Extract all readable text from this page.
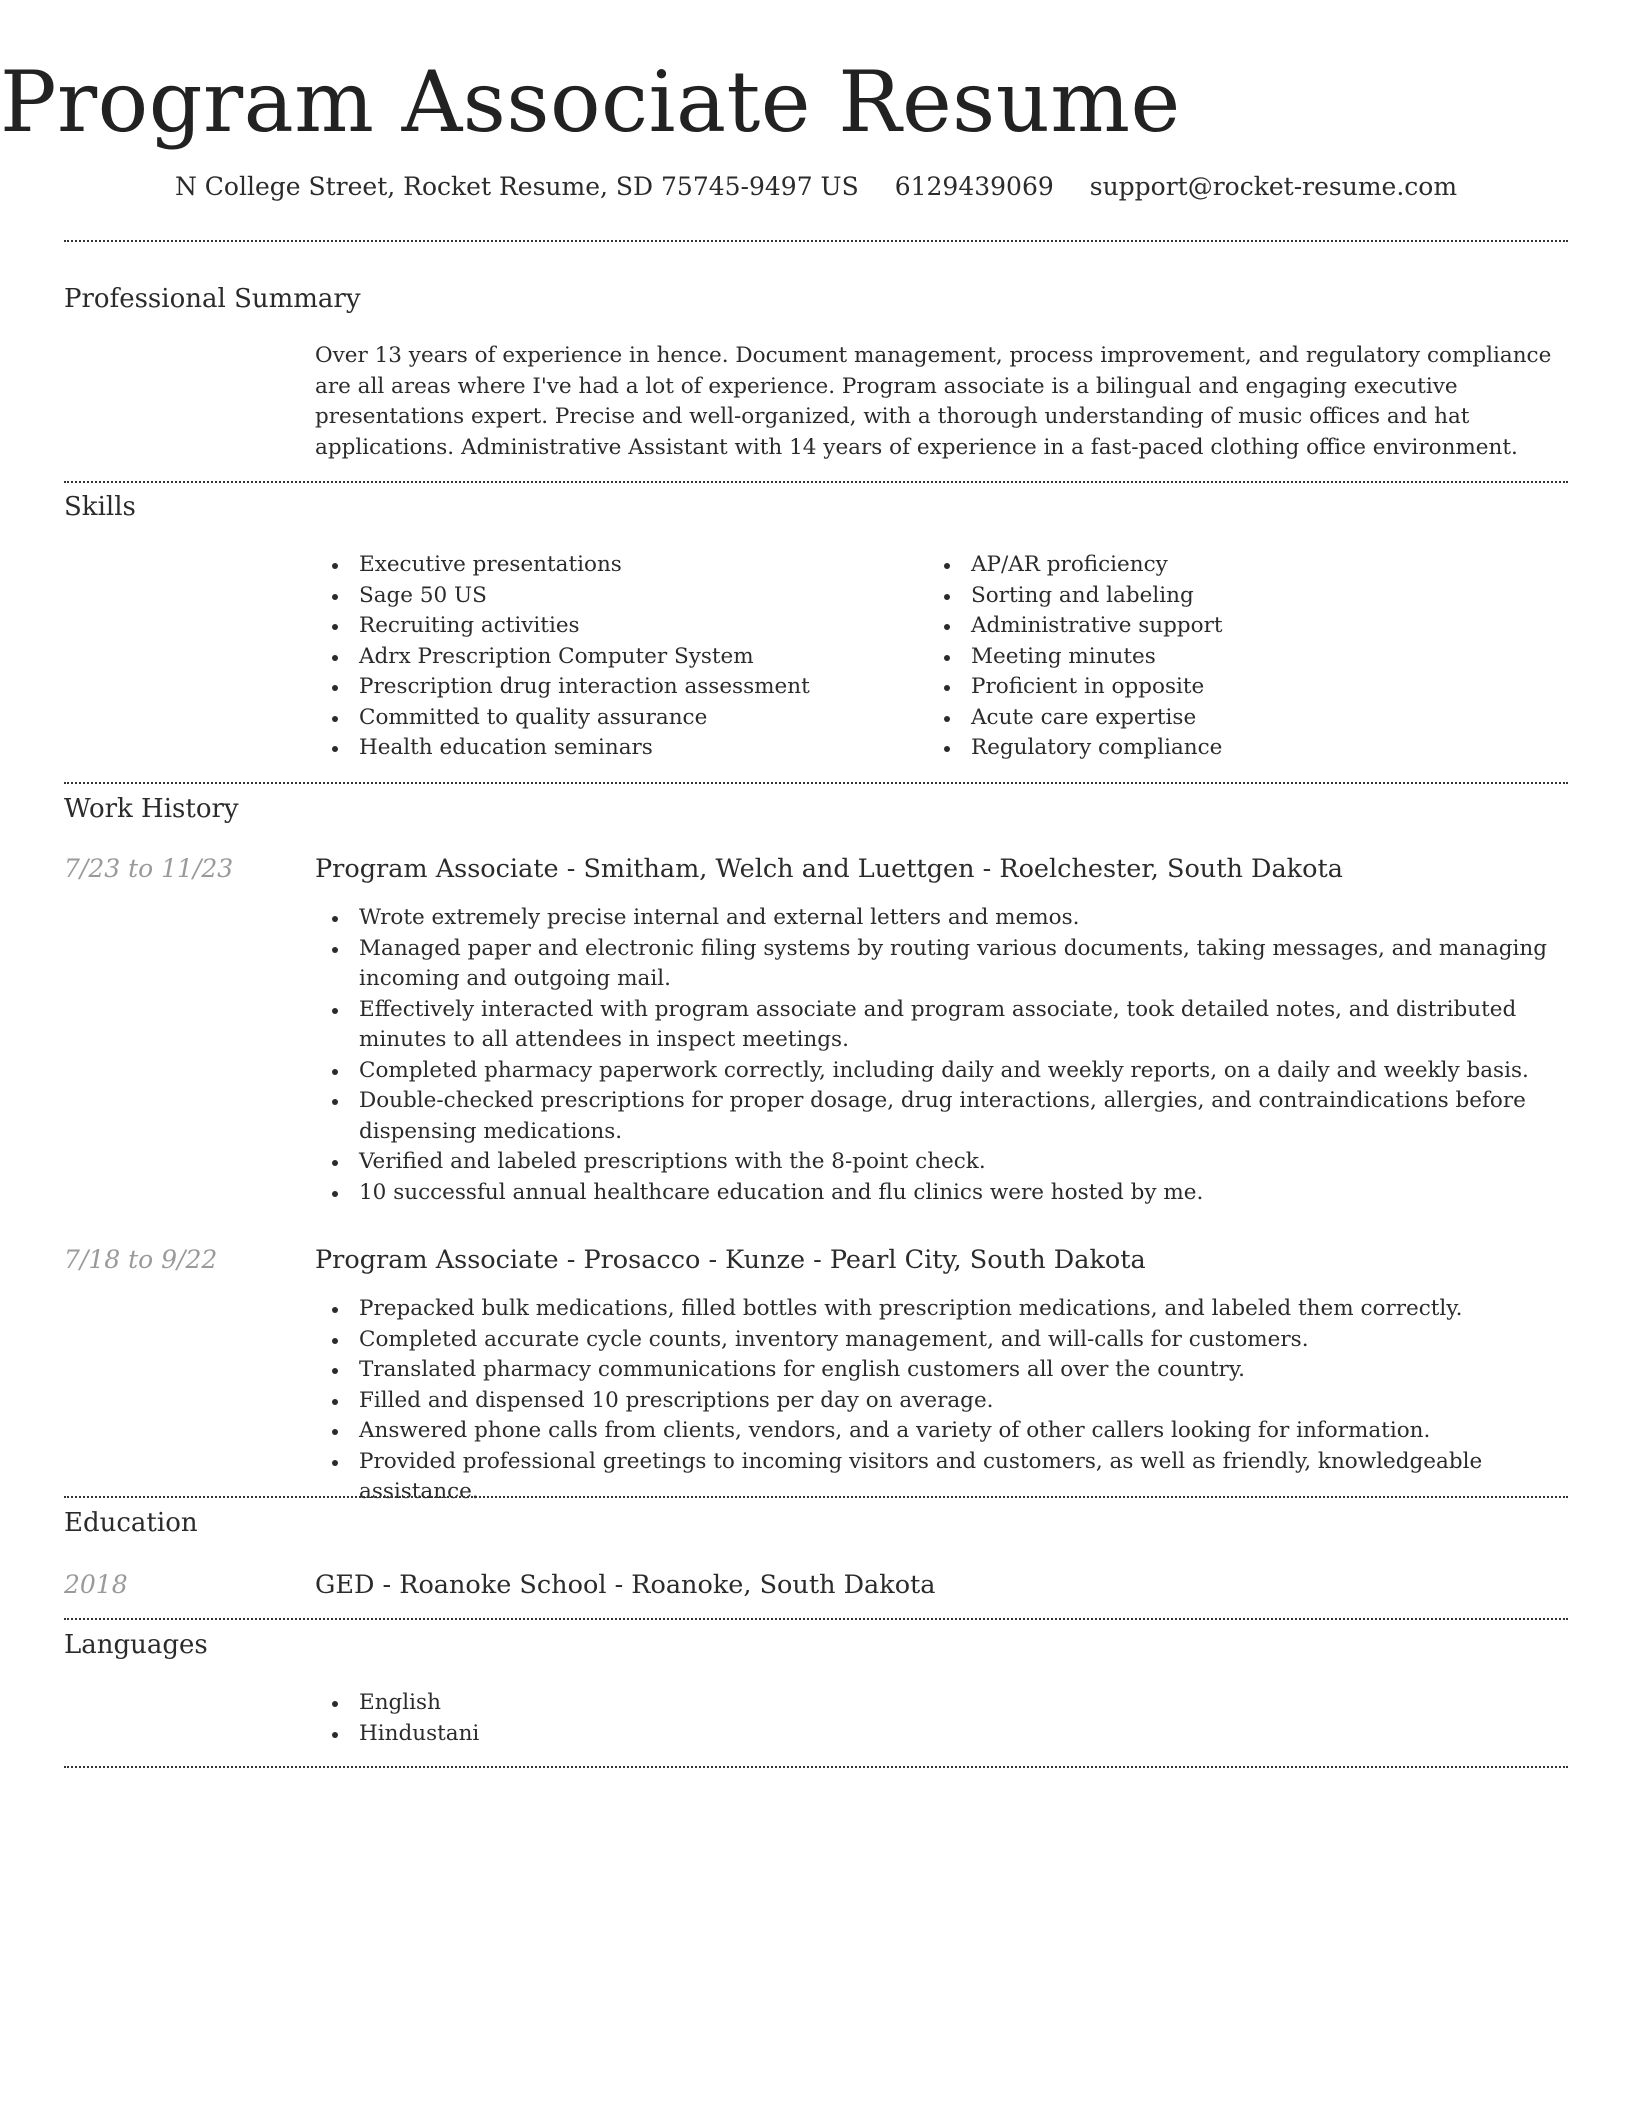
Program Associate Resume
N College Street, Rocket Resume, SD 75745-9497 US 6129439069 support@rocket-resume.com
Professional Summary
Over 13 years of experience in hence. Document management, process improvement, and regulatory compliance are all areas where I've had a lot of experience. Program associate is a bilingual and engaging executive presentations expert. Precise and well-organized, with a thorough understanding of music offices and hat applications. Administrative Assistant with 14 years of experience in a fast-paced clothing office environment.
Skills
Executive presentations
Sage 50 US
Recruiting activities
Adrx Prescription Computer System
Prescription drug interaction assessment
Committed to quality assurance
Health education seminars
AP/AR proficiency
Sorting and labeling
Administrative support
Meeting minutes
Proficient in opposite
Acute care expertise
Regulatory compliance
Work History
7/23 to 11/23	Program Associate - Smitham, Welch and Luettgen - Roelchester, South Dakota
Wrote extremely precise internal and external letters and memos.
Managed paper and electronic filing systems by routing various documents, taking messages, and managing incoming and outgoing mail.
Effectively interacted with program associate and program associate, took detailed notes, and distributed minutes to all attendees in inspect meetings.
Completed pharmacy paperwork correctly, including daily and weekly reports, on a daily and weekly basis.
Double-checked prescriptions for proper dosage, drug interactions, allergies, and contraindications before dispensing medications.
Verified and labeled prescriptions with the 8-point check.
10 successful annual healthcare education and flu clinics were hosted by me.
7/18 to 9/22	Program Associate - Prosacco - Kunze - Pearl City, South Dakota
Prepacked bulk medications, filled bottles with prescription medications, and labeled them correctly.
Completed accurate cycle counts, inventory management, and will-calls for customers.
Translated pharmacy communications for english customers all over the country.
Filled and dispensed 10 prescriptions per day on average.
Answered phone calls from clients, vendors, and a variety of other callers looking for information.
Provided professional greetings to incoming visitors and customers, as well as friendly, knowledgeable assistance.
Education
2018	GED - Roanoke School - Roanoke, South Dakota
Languages
English
Hindustani
